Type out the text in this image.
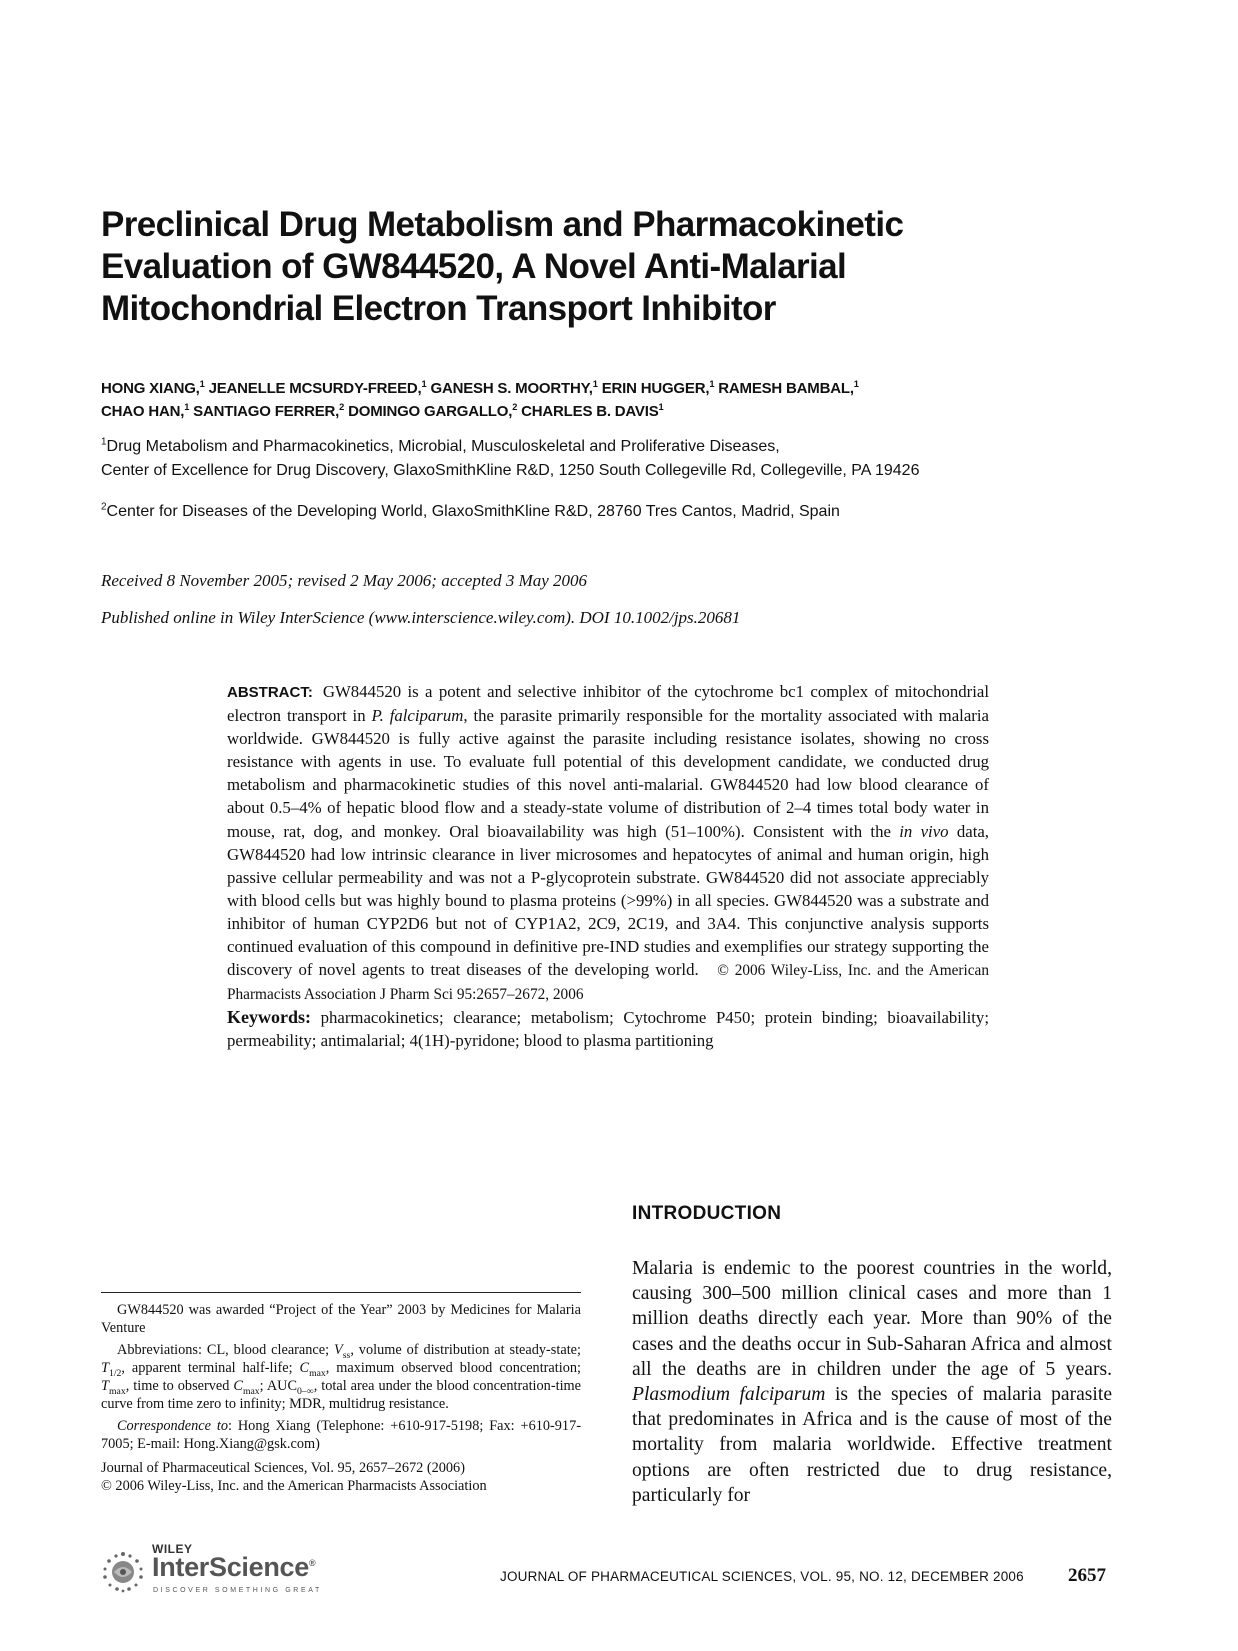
Preclinical Drug Metabolism and Pharmacokinetic
Evaluation of GW844520, A Novel Anti-Malarial
Mitochondrial Electron Transport Inhibitor
HONG XIANG,$^1$ JEANELLE MCSURDY-FREED,$^1$ GANESH S. MOORTHY,$^1$ ERIN HUGGER,$^1$ RAMESH BAMBAL,$^1$
CHAO HAN,$^1$ SANTIAGO FERRER,$^2$ DOMINGO GARGALLO,$^2$ CHARLES B. DAVIS$^1$
$^1$Drug Metabolism and Pharmacokinetics, Microbial, Musculoskeletal and Proliferative Diseases,
Center of Excellence for Drug Discovery, GlaxoSmithKline R&D, 1250 South Collegeville Rd, Collegeville, PA 19426
$^2$Center for Diseases of the Developing World, GlaxoSmithKline R&D, 28760 Tres Cantos, Madrid, Spain
Received 8 November 2005; revised 2 May 2006; accepted 3 May 2006
Published online in Wiley InterScience (www.interscience.wiley.com). DOI 10.1002/jps.20681
ABSTRACT: GW844520 is a potent and selective inhibitor of the cytochrome bc1 complex of mitochondrial electron transport in P. falciparum, the parasite primarily responsible for the mortality associated with malaria worldwide. GW844520 is fully active against the parasite including resistance isolates, showing no cross resistance with agents in use. To evaluate full potential of this development candidate, we conducted drug metabolism and pharmacokinetic studies of this novel anti-malarial. GW844520 had low blood clearance of about 0.5–4% of hepatic blood flow and a steady-state volume of distribution of 2–4 times total body water in mouse, rat, dog, and monkey. Oral bioavailability was high (51–100%). Consistent with the in vivo data, GW844520 had low intrinsic clearance in liver microsomes and hepatocytes of animal and human origin, high passive cellular permeability and was not a P-glycoprotein substrate. GW844520 did not associate appreciably with blood cells but was highly bound to plasma proteins (>99%) in all species. GW844520 was a substrate and inhibitor of human CYP2D6 but not of CYP1A2, 2C9, 2C19, and 3A4. This conjunctive analysis supports continued evaluation of this compound in definitive pre-IND studies and exemplifies our strategy supporting the discovery of novel agents to treat diseases of the developing world. © 2006 Wiley-Liss, Inc. and the American Pharmacists Association J Pharm Sci 95:2657–2672, 2006
Keywords: pharmacokinetics; clearance; metabolism; Cytochrome P450; protein binding; bioavailability; permeability; antimalarial; 4(1H)-pyridone; blood to plasma partitioning

GW844520 was awarded “Project of the Year” 2003 by Medicines for Malaria Venture

Abbreviations: CL, blood clearance; $V_{ss}$, volume of distribution at steady-state; $T_{1/2}$, apparent terminal half-life; $C_{max}$, maximum observed blood concentration; $T_{max}$, time to observed $C_{max}$; $AUC_{0-\infty}$, total area under the blood concentration-time curve from time zero to infinity; MDR, multidrug resistance.

Correspondence to: Hong Xiang (Telephone: +610-917-5198; Fax: +610-917-7005; E-mail: Hong.Xiang@gsk.com)

Journal of Pharmaceutical Sciences, Vol. 95, 2657–2672 (2006)

© 2006 Wiley-Liss, Inc. and the American Pharmacists Association

INTRODUCTION
Malaria is endemic to the poorest countries in the world, causing 300–500 million clinical cases and more than 1 million deaths directly each year. More than 90% of the cases and the deaths occur in Sub-Saharan Africa and almost all the deaths are in children under the age of 5 years. Plasmodium falciparum is the species of malaria parasite that predominates in Africa and is the cause of most of the mortality from malaria worldwide. Effective treatment options are often restricted due to drug resistance, particularly for
WILEY
InterScience®
DISCOVER SOMETHING GREAT
JOURNAL OF PHARMACEUTICAL SCIENCES, VOL. 95, NO. 12, DECEMBER 2006 2657
